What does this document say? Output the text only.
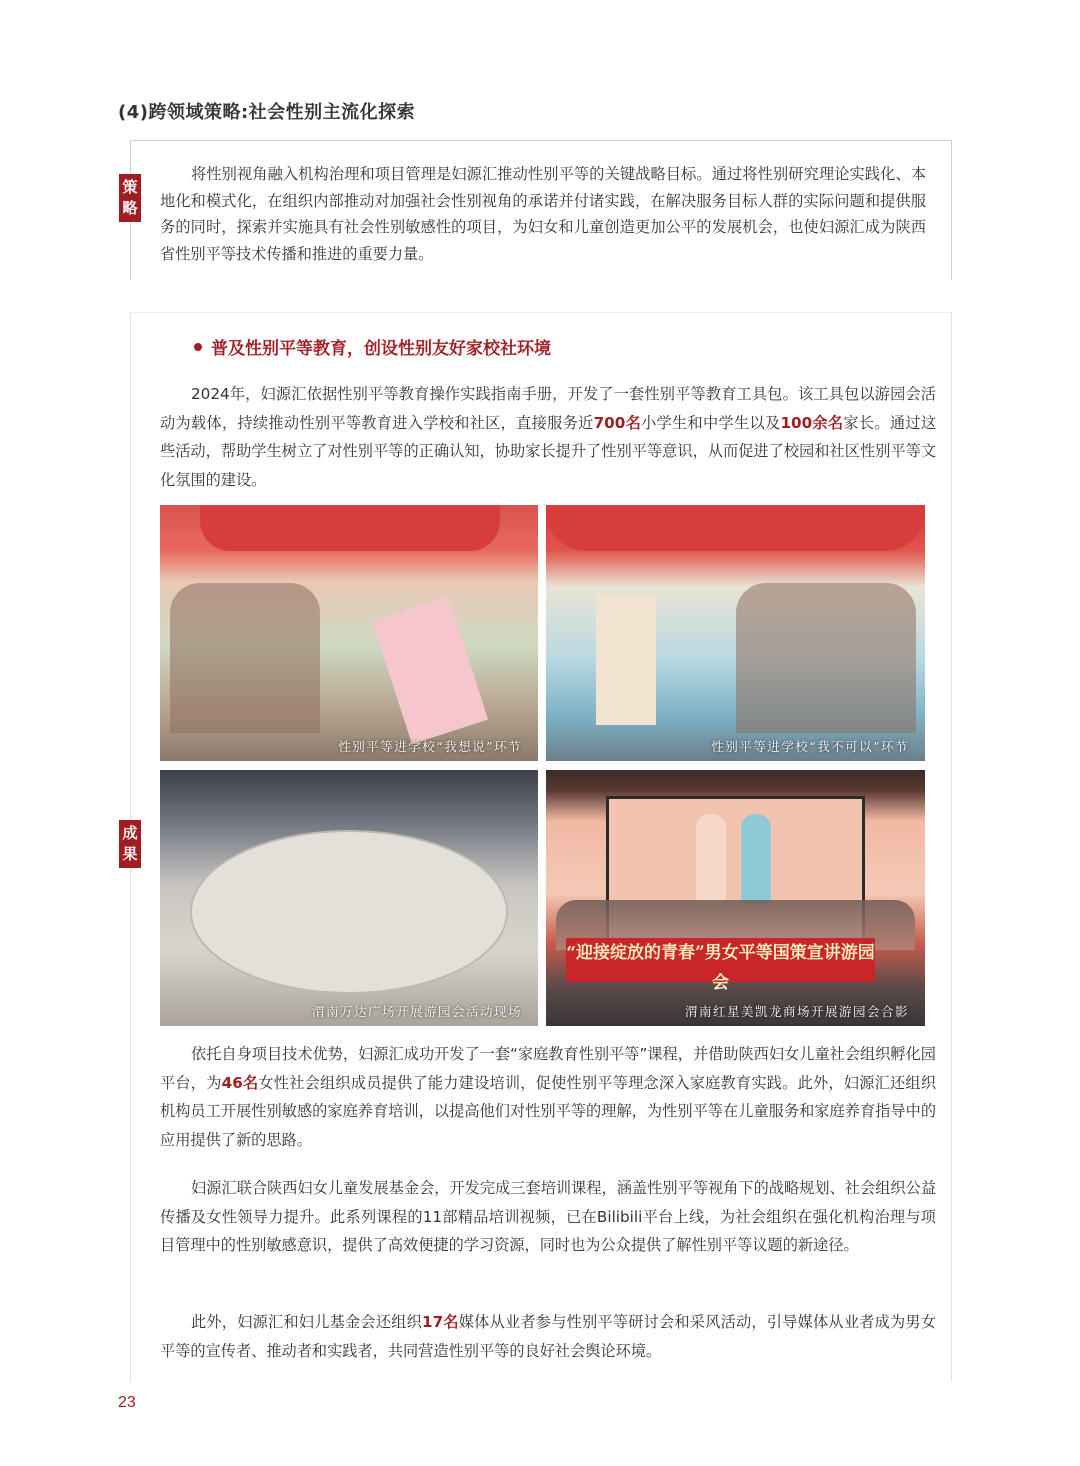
(4)跨领域策略:社会性别主流化探索
策略

将性别视角融入机构治理和项目管理是妇源汇推动性别平等的关键战略目标。通过将性别研究理论实践化、本地化和模式化，在组织内部推动对加强社会性别视角的承诺并付诸实践，在解决服务目标人群的实际问题和提供服务的同时，探索并实施具有社会性别敏感性的项目，为妇女和儿童创造更加公平的发展机会，也使妇源汇成为陕西省性别平等技术传播和推进的重要力量。

成果
普及性别平等教育，创设性别友好家校社环境

2024年，妇源汇依据性别平等教育操作实践指南手册，开发了一套性别平等教育工具包。该工具包以游园会活动为载体，持续推动性别平等教育进入学校和社区，直接服务近700名小学生和中学生以及100余名家长。通过这些活动，帮助学生树立了对性别平等的正确认知，协助家长提升了性别平等意识，从而促进了校园和社区性别平等文化氛围的建设。

性别平等进学校“我想说”环节	性别平等进学校“我不可以”环节
渭南万达广场开展游园会活动现场
“迎接绽放的青春”男女平等国策宣讲游园会
渭南红星美凯龙商场开展游园会合影

依托自身项目技术优势，妇源汇成功开发了一套“家庭教育性别平等”课程，并借助陕西妇女儿童社会组织孵化园平台，为46名女性社会组织成员提供了能力建设培训，促使性别平等理念深入家庭教育实践。此外，妇源汇还组织机构员工开展性别敏感的家庭养育培训，以提高他们对性别平等的理解，为性别平等在儿童服务和家庭养育指导中的应用提供了新的思路。

妇源汇联合陕西妇女儿童发展基金会，开发完成三套培训课程，涵盖性别平等视角下的战略规划、社会组织公益传播及女性领导力提升。此系列课程的11部精品培训视频，已在Bilibili平台上线，为社会组织在强化机构治理与项目管理中的性别敏感意识，提供了高效便捷的学习资源，同时也为公众提供了解性别平等议题的新途径。

此外，妇源汇和妇儿基金会还组织17名媒体从业者参与性别平等研讨会和采风活动，引导媒体从业者成为男女平等的宣传者、推动者和实践者，共同营造性别平等的良好社会舆论环境。

23
